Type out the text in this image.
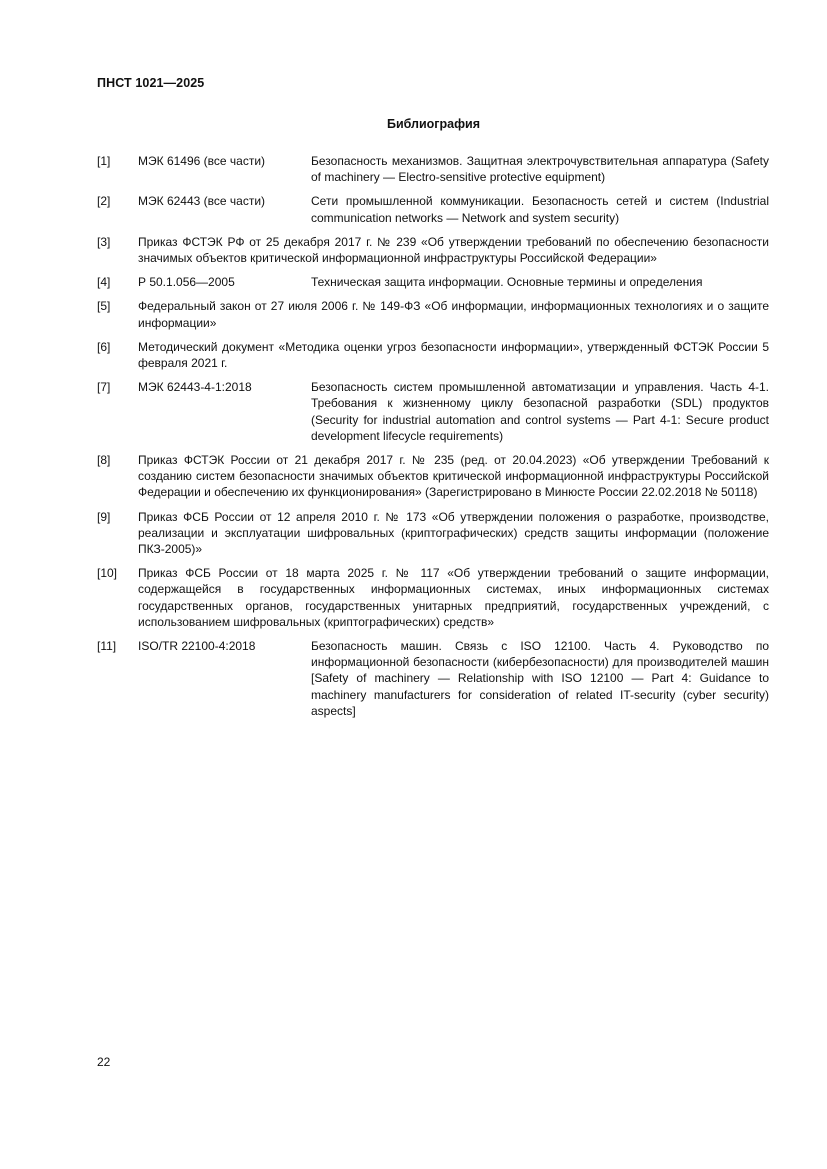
ПНСТ 1021—2025
Библиография
[1]	МЭК 61496 (все части)	Безопасность механизмов. Защитная электрочувствительная аппаратура (Safety of machinery — Electro-sensitive protective equipment)
[2]	МЭК 62443 (все части)	Сети промышленной коммуникации. Безопасность сетей и систем (Industrial communication networks — Network and system security)
[3]	Приказ ФСТЭК РФ от 25 декабря 2017 г. № 239 «Об утверждении требований по обеспечению безопасности значимых объектов критической информационной инфраструктуры Российской Федерации»
[4]	Р 50.1.056—2005	Техническая защита информации. Основные термины и определения
[5]	Федеральный закон от 27 июля 2006 г. № 149-ФЗ «Об информации, информационных технологиях и о защите информации»
[6]	Методический документ «Методика оценки угроз безопасности информации», утвержденный ФСТЭК России 5 февраля 2021 г.
[7]	МЭК 62443-4-1:2018	Безопасность систем промышленной автоматизации и управления. Часть 4-1. Требования к жизненному циклу безопасной разработки (SDL) продуктов (Security for industrial automation and control systems — Part 4-1: Secure product development lifecycle requirements)
[8]	Приказ ФСТЭК России от 21 декабря 2017 г. № 235 (ред. от 20.04.2023) «Об утверждении Требований к созданию систем безопасности значимых объектов критической информационной инфраструктуры Российской Федерации и обеспечению их функционирования» (Зарегистрировано в Минюсте России 22.02.2018 № 50118)
[9]	Приказ ФСБ России от 12 апреля 2010 г. № 173 «Об утверждении положения о разработке, производстве, реализации и эксплуатации шифровальных (криптографических) средств защиты информации (положение ПКЗ-2005)»
[10]	Приказ ФСБ России от 18 марта 2025 г. № 117 «Об утверждении требований о защите информации, содержащейся в государственных информационных системах, иных информационных системах государственных органов, государственных унитарных предприятий, государственных учреждений, с использованием шифровальных (криптографических) средств»
[11]	ISO/TR 22100-4:2018	Безопасность машин. Связь с ISO 12100. Часть 4. Руководство по информационной безопасности (кибербезопасности) для производителей машин [Safety of machinery — Relationship with ISO 12100 — Part 4: Guidance to machinery manufacturers for consideration of related IT-security (cyber security) aspects]
22
